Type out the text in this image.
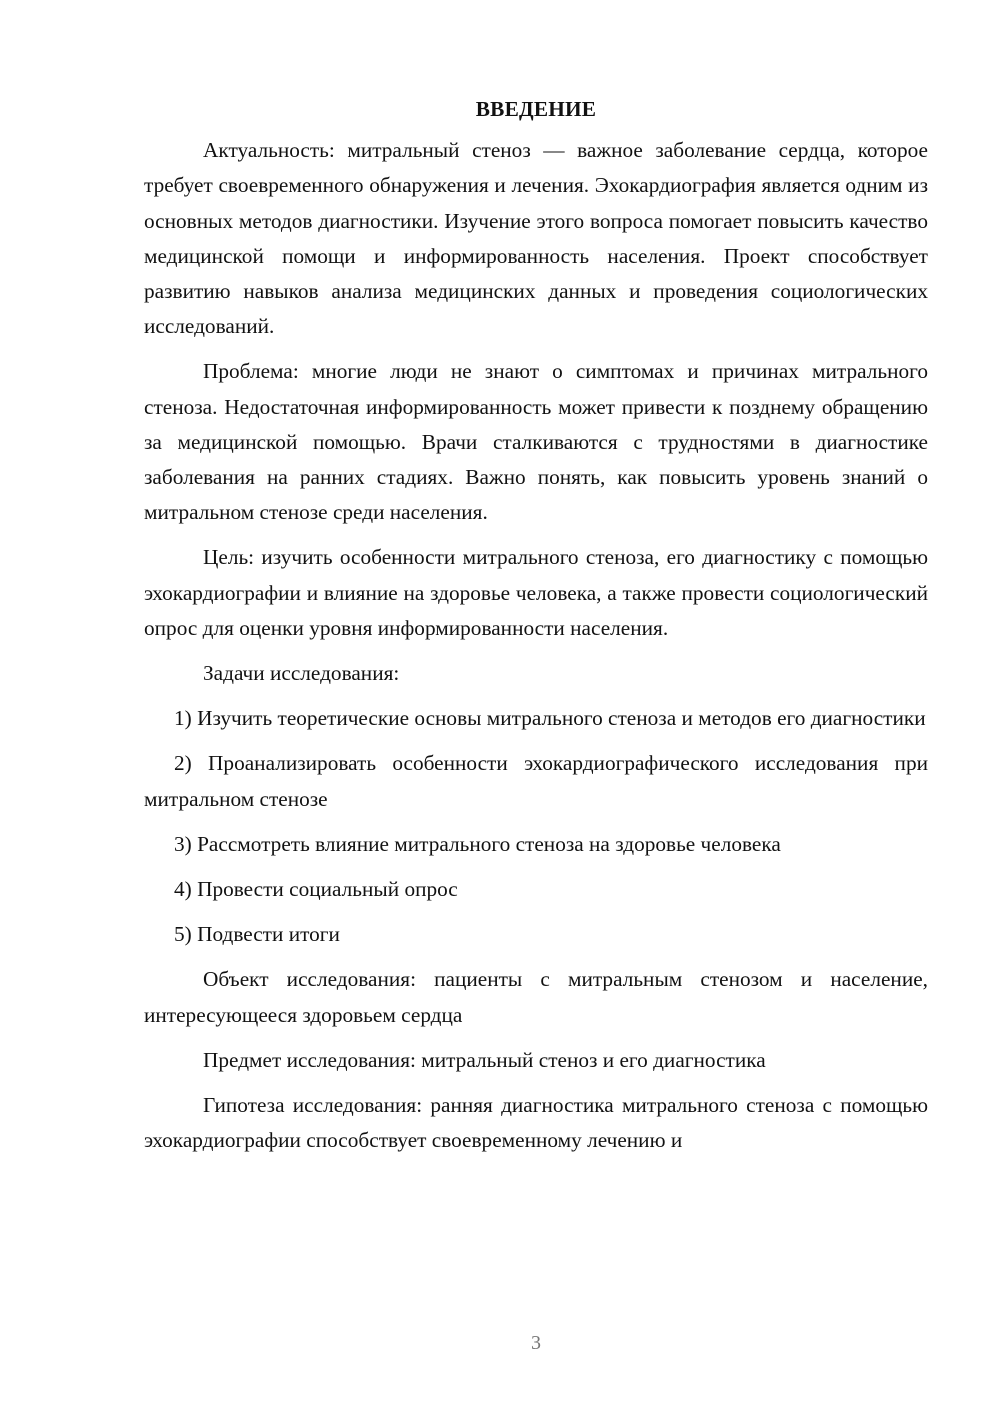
ВВЕДЕНИЕ

Актуальность: митральный стеноз — важное заболевание сердца, которое требует своевременного обнаружения и лечения. Эхокардиография является одним из основных методов диагностики. Изучение этого вопроса помогает повысить качество медицинской помощи и информированность населения. Проект способствует развитию навыков анализа медицинских данных и проведения социологических исследований.

Проблема: многие люди не знают о симптомах и причинах митрального стеноза. Недостаточная информированность может привести к позднему обращению за медицинской помощью. Врачи сталкиваются с трудностями в диагностике заболевания на ранних стадиях. Важно понять, как повысить уровень знаний о митральном стенозе среди населения.

Цель: изучить особенности митрального стеноза, его диагностику с помощью эхокардиографии и влияние на здоровье человека, а также провести социологический опрос для оценки уровня информированности населения.

Задачи исследования:

1) Изучить теоретические основы митрального стеноза и методов его диагностики

2) Проанализировать особенности эхокардиографического исследования при митральном стенозе

3) Рассмотреть влияние митрального стеноза на здоровье человека

4) Провести социальный опрос

5) Подвести итоги

Объект исследования: пациенты с митральным стенозом и население, интересующееся здоровьем сердца

Предмет исследования: митральный стеноз и его диагностика

Гипотеза исследования: ранняя диагностика митрального стеноза с помощью эхокардиографии способствует своевременному лечению и

3
